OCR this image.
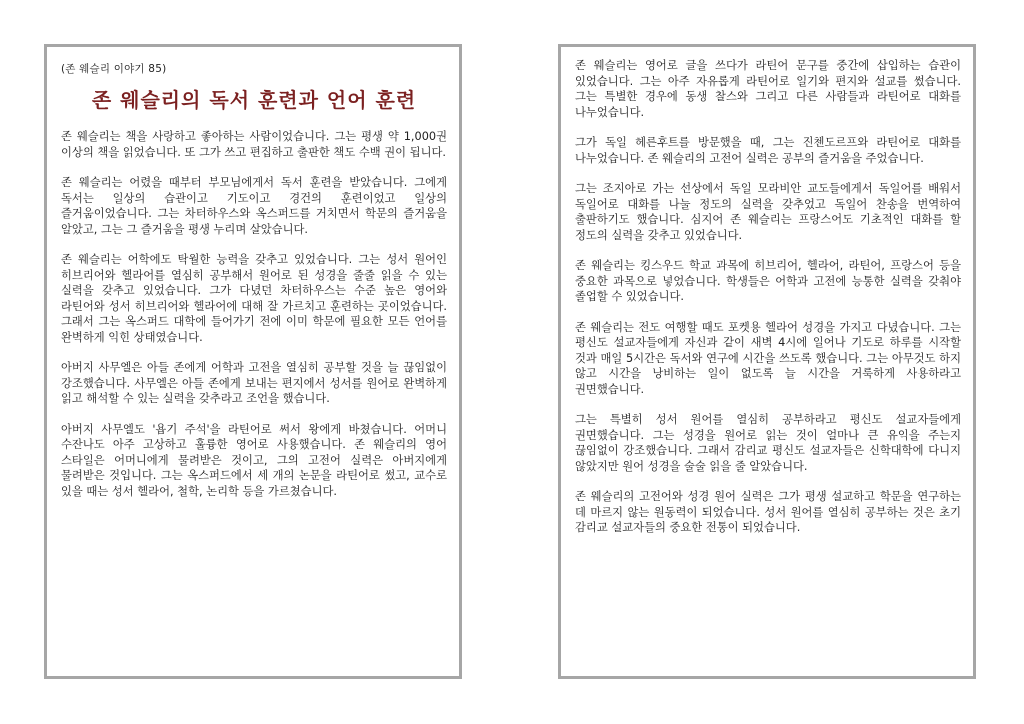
(존 웨슬리 이야기 85)
존 웨슬리의 독서 훈련과 언어 훈련

존 웨슬리는 책을 사랑하고 좋아하는 사람이었습니다. 그는 평생 약 1,000권 이상의 책을 읽었습니다. 또 그가 쓰고 편집하고 출판한 책도 수백 권이 됩니다.

존 웨슬리는 어렸을 때부터 부모님에게서 독서 훈련을 받았습니다. 그에게 독서는 일상의 습관이고 기도이고 경건의 훈련이었고 일상의 즐거움이었습니다. 그는 차터하우스와 옥스퍼드를 거치면서 학문의 즐거움을 알았고, 그는 그 즐거움을 평생 누리며 살았습니다.

존 웨슬리는 어학에도 탁월한 능력을 갖추고 있었습니다. 그는 성서 원어인 히브리어와 헬라어를 열심히 공부해서 원어로 된 성경을 줄줄 읽을 수 있는 실력을 갖추고 있었습니다. 그가 다녔던 차터하우스는 수준 높은 영어와 라틴어와 성서 히브리어와 헬라어에 대해 잘 가르치고 훈련하는 곳이었습니다. 그래서 그는 옥스퍼드 대학에 들어가기 전에 이미 학문에 필요한 모든 언어를 완벽하게 익힌 상태였습니다.

아버지 사무엘은 아들 존에게 어학과 고전을 열심히 공부할 것을 늘 끊임없이 강조했습니다. 사무엘은 아들 존에게 보내는 편지에서 성서를 원어로 완벽하게 읽고 해석할 수 있는 실력을 갖추라고 조언을 했습니다.

아버지 사무엘도 '욥기 주석'을 라틴어로 써서 왕에게 바쳤습니다. 어머니 수잔나도 아주 고상하고 훌륭한 영어로 사용했습니다. 존 웨슬리의 영어 스타일은 어머니에게 물려받은 것이고, 그의 고전어 실력은 아버지에게 물려받은 것입니다. 그는 옥스퍼드에서 세 개의 논문을 라틴어로 썼고, 교수로 있을 때는 성서 헬라어, 철학, 논리학 등을 가르쳤습니다.

존 웨슬리는 영어로 글을 쓰다가 라틴어 문구를 중간에 삽입하는 습관이 있었습니다. 그는 아주 자유롭게 라틴어로 일기와 편지와 설교를 썼습니다. 그는 특별한 경우에 동생 찰스와 그리고 다른 사람들과 라틴어로 대화를 나누었습니다.

그가 독일 헤른후트를 방문했을 때, 그는 진첸도르프와 라틴어로 대화를 나누었습니다. 존 웨슬리의 고전어 실력은 공부의 즐거움을 주었습니다.

그는 조지아로 가는 선상에서 독일 모라비안 교도들에게서 독일어를 배워서 독일어로 대화를 나눌 정도의 실력을 갖추었고 독일어 찬송을 번역하여 출판하기도 했습니다. 심지어 존 웨슬리는 프랑스어도 기초적인 대화를 할 정도의 실력을 갖추고 있었습니다.

존 웨슬리는 킹스우드 학교 과목에 히브리어, 헬라어, 라틴어, 프랑스어 등을 중요한 과목으로 넣었습니다. 학생들은 어학과 고전에 능통한 실력을 갖춰야 졸업할 수 있었습니다.

존 웨슬리는 전도 여행할 때도 포켓용 헬라어 성경을 가지고 다녔습니다. 그는 평신도 설교자들에게 자신과 같이 새벽 4시에 일어나 기도로 하루를 시작할 것과 매일 5시간은 독서와 연구에 시간을 쓰도록 했습니다. 그는 아무것도 하지 않고 시간을 낭비하는 일이 없도록 늘 시간을 거룩하게 사용하라고 권면했습니다.

그는 특별히 성서 원어를 열심히 공부하라고 평신도 설교자들에게 권면했습니다. 그는 성경을 원어로 읽는 것이 얼마나 큰 유익을 주는지 끊임없이 강조했습니다. 그래서 감리교 평신도 설교자들은 신학대학에 다니지 않았지만 원어 성경을 술술 읽을 줄 알았습니다.

존 웨슬리의 고전어와 성경 원어 실력은 그가 평생 설교하고 학문을 연구하는 데 마르지 않는 원동력이 되었습니다. 성서 원어를 열심히 공부하는 것은 초기 감리교 설교자들의 중요한 전통이 되었습니다.
